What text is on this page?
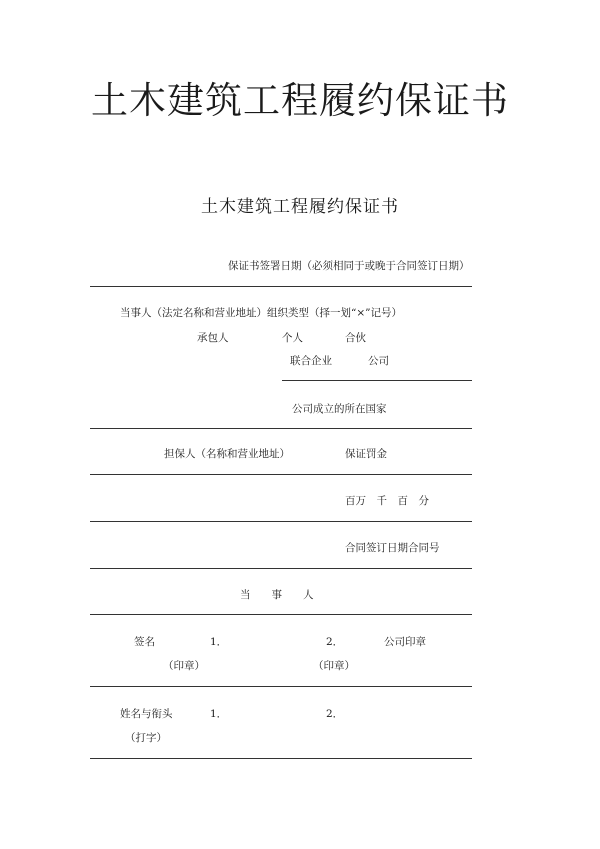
土木建筑工程履约保证书
土木建筑工程履约保证书
保证书签署日期（必须相同于或晚于合同签订日期）
当事人（法定名称和营业地址）组织类型（择一划“×”记号）
承包人	个人	合伙
联合企业	公司
公司成立的所在国家
担保人（名称和营业地址）	保证罚金
百万　千　百　分
合同签订日期合同号
当　　事　　人
签名	1．	2．	公司印章
（印章）	（印章）
姓名与衔头	1．	2．
（打字）
